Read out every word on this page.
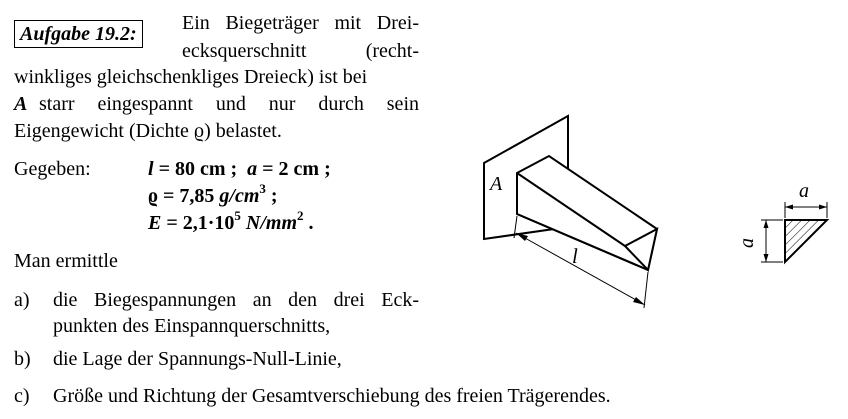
Aufgabe 19.2:	Ein Biegeträger mit Drei-
ecksquerschnitt (recht-
winkliges gleichschenkliges Dreieck) ist bei
A starr eingespannt und nur durch sein
Eigengewicht (Dichte ϱ) belastet.
Gegeben:	l = 80 cm ; a = 2 cm ;
ϱ = 7,85 $g/cm^3$ ;
$E = 2,1\cdot 10^5$ $N/mm^2$ .
Man ermittle
a)	die Biegespannungen an den drei Eck-
punkten des Einspannquerschnitts,
b) die Lage der Spannungs-Null-Linie,
c) Größe und Richtung der Gesamtverschiebung des freien Trägerendes.
A
l
a
a
